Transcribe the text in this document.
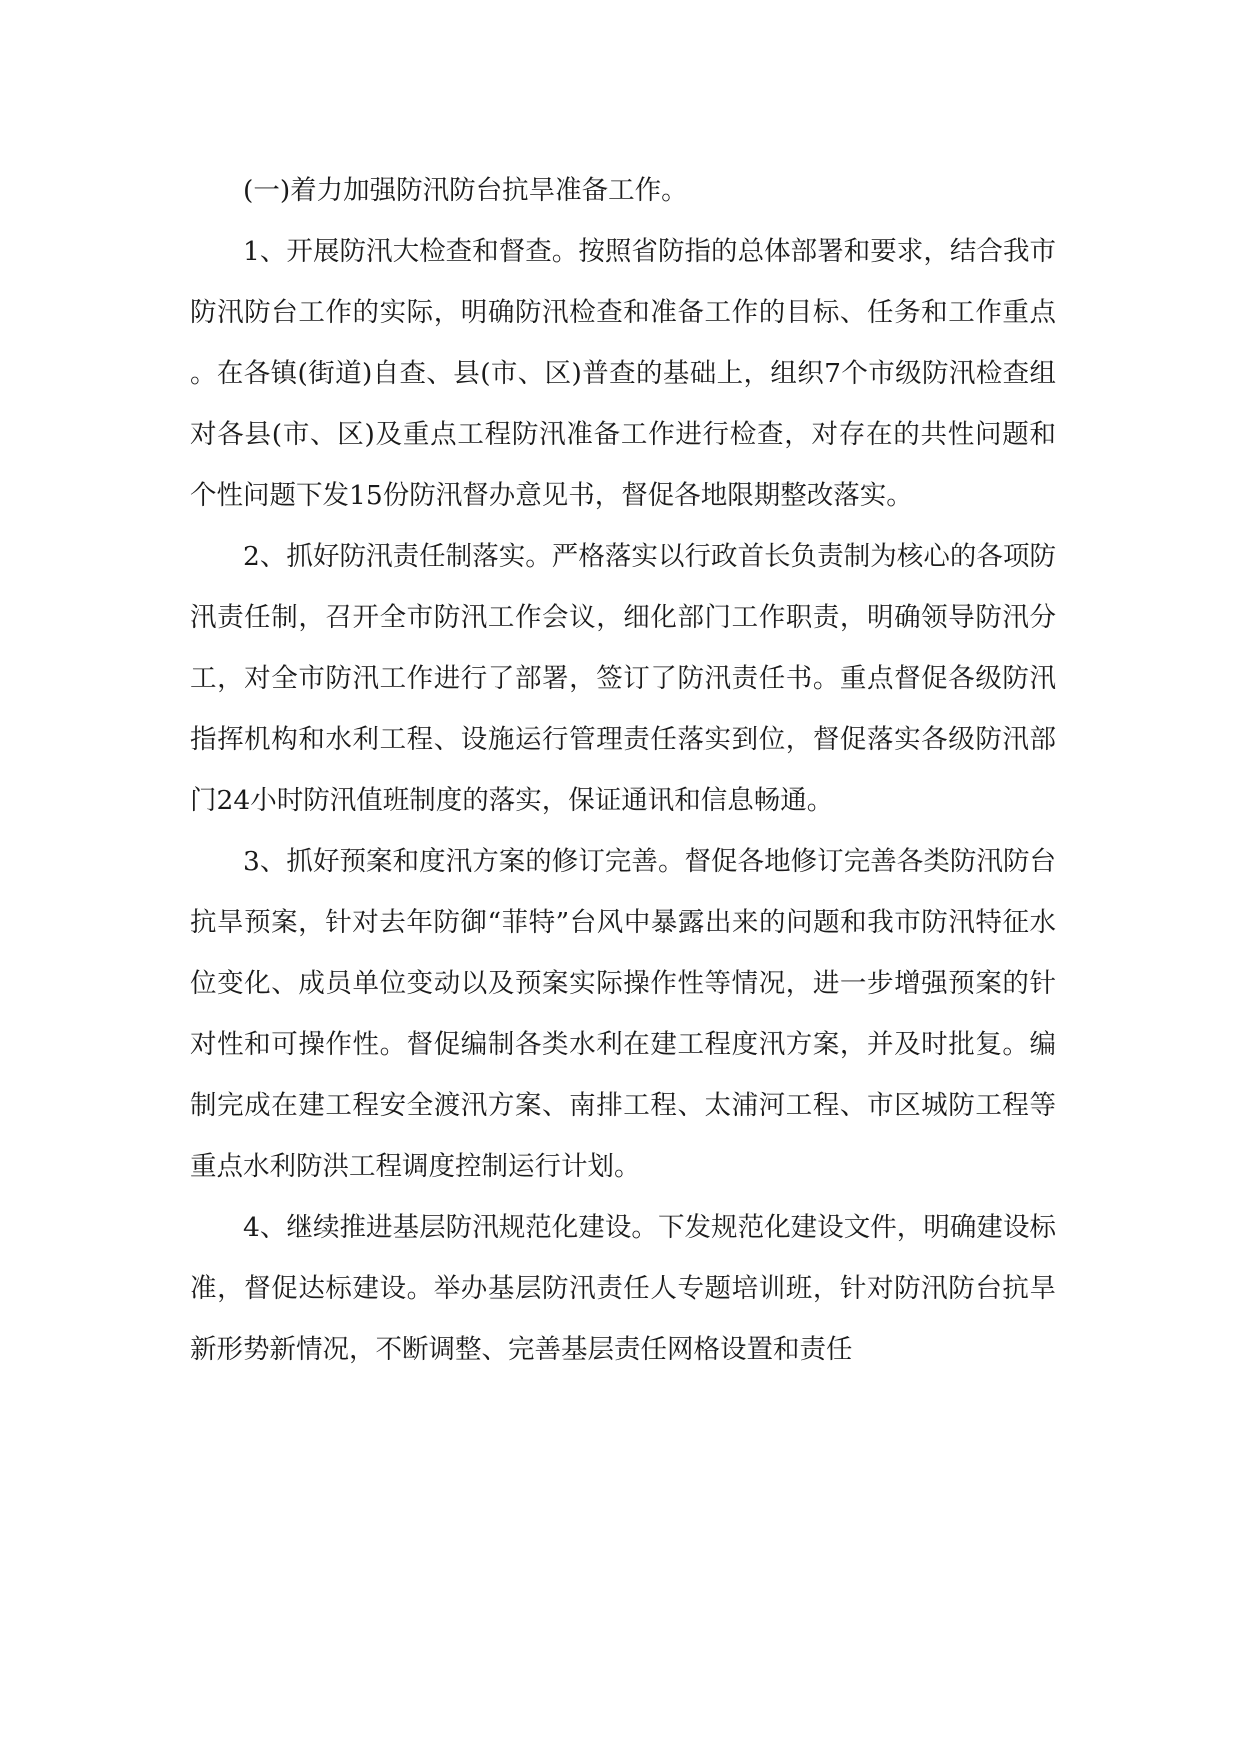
(一)着力加强防汛防台抗旱准备工作。

1、开展防汛大检查和督查。按照省防指的总体部署和要求，结合我市防汛防台工作的实际，明确防汛检查和准备工作的目标、任务和工作重点。在各镇(街道)自查、县(市、区)普查的基础上，组织7个市级防汛检查组对各县(市、区)及重点工程防汛准备工作进行检查，对存在的共性问题和个性问题下发15份防汛督办意见书，督促各地限期整改落实。

2、抓好防汛责任制落实。严格落实以行政首长负责制为核心的各项防汛责任制，召开全市防汛工作会议，细化部门工作职责，明确领导防汛分工，对全市防汛工作进行了部署，签订了防汛责任书。重点督促各级防汛指挥机构和水利工程、设施运行管理责任落实到位，督促落实各级防汛部门24小时防汛值班制度的落实，保证通讯和信息畅通。

3、抓好预案和度汛方案的修订完善。督促各地修订完善各类防汛防台抗旱预案，针对去年防御“菲特”台风中暴露出来的问题和我市防汛特征水位变化、成员单位变动以及预案实际操作性等情况，进一步增强预案的针对性和可操作性。督促编制各类水利在建工程度汛方案，并及时批复。编制完成在建工程安全渡汛方案、南排工程、太浦河工程、市区城防工程等重点水利防洪工程调度控制运行计划。

4、继续推进基层防汛规范化建设。下发规范化建设文件，明确建设标准，督促达标建设。举办基层防汛责任人专题培训班，针对防汛防台抗旱新形势新情况，不断调整、完善基层责任网格设置和责任
